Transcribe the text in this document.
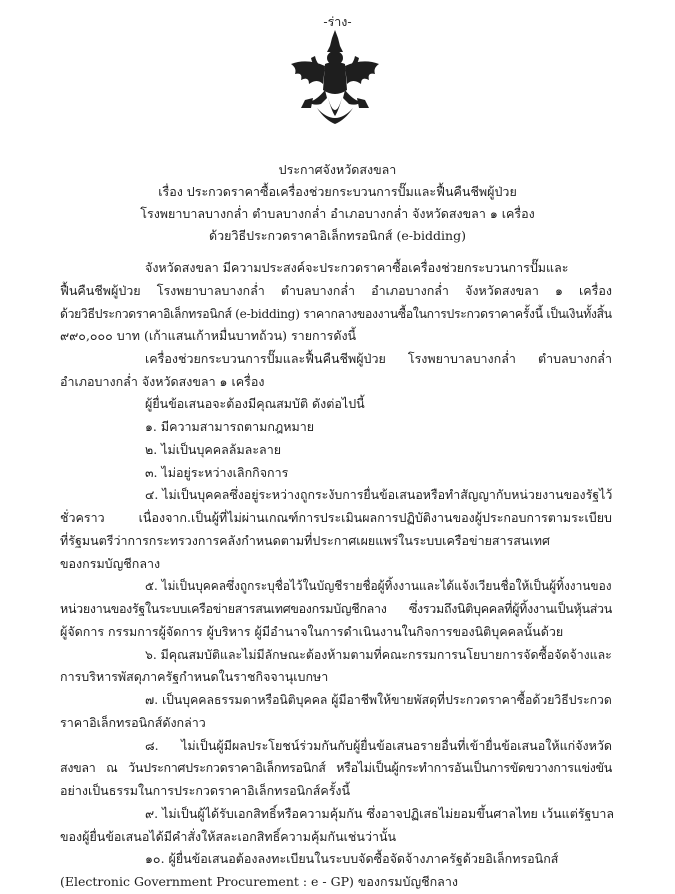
-ร่าง-
ประกาศจังหวัดสงขลา
เรื่อง ประกวดราคาซื้อเครื่องช่วยกระบวนการปั๊มและฟื้นคืนชีพผู้ป่วย
โรงพยาบาลบางกล่ำ ตำบลบางกล่ำ อำเภอบางกล่ำ จังหวัดสงขลา ๑ เครื่อง
ด้วยวิธีประกวดราคาอิเล็กทรอนิกส์ (e-bidding)
จังหวัดสงขลา มีความประสงค์จะประกวดราคาซื้อเครื่องช่วยกระบวนการปั๊มและ
ฟื้นคืนชีพผู้ป่วย โรงพยาบาลบางกล่ำ ตำบลบางกล่ำ อำเภอบางกล่ำ จังหวัดสงขลา ๑ เครื่อง
ด้วยวิธีประกวดราคาอิเล็กทรอนิกส์ (e-bidding) ราคากลางของงานซื้อในการประกวดราคาครั้งนี้ เป็นเงินทั้งสิ้น
๙๙๐,๐๐๐ บาท (เก้าแสนเก้าหมื่นบาทถ้วน) รายการดังนี้
เครื่องช่วยกระบวนการปั๊มและฟื้นคืนชีพผู้ป่วย โรงพยาบาลบางกล่ำ ตำบลบางกล่ำ
อำเภอบางกล่ำ จังหวัดสงขลา ๑ เครื่อง
ผู้ยื่นข้อเสนอจะต้องมีคุณสมบัติ ดังต่อไปนี้
๑. มีความสามารถตามกฎหมาย
๒. ไม่เป็นบุคคลล้มละลาย
๓. ไม่อยู่ระหว่างเลิกกิจการ
๔. ไม่เป็นบุคคลซึ่งอยู่ระหว่างถูกระงับการยื่นข้อเสนอหรือทำสัญญากับหน่วยงานของรัฐไว้
ชั่วคราว เนื่องจาก.เป็นผู้ที่ไม่ผ่านเกณฑ์การประเมินผลการปฏิบัติงานของผู้ประกอบการตามระเบียบ
ที่รัฐมนตรีว่าการกระทรวงการคลังกำหนดตามที่ประกาศเผยแพร่ในระบบเครือข่ายสารสนเทศ
ของกรมบัญชีกลาง
๕. ไม่เป็นบุคคลซึ่งถูกระบุชื่อไว้ในบัญชีรายชื่อผู้ทิ้งงานและได้แจ้งเวียนชื่อให้เป็นผู้ทิ้งงานของ
หน่วยงานของรัฐในระบบเครือข่ายสารสนเทศของกรมบัญชีกลาง ซึ่งรวมถึงนิติบุคคลที่ผู้ทิ้งงานเป็นหุ้นส่วน
ผู้จัดการ กรรมการผู้จัดการ ผู้บริหาร ผู้มีอำนาจในการดำเนินงานในกิจการของนิติบุคคลนั้นด้วย
๖. มีคุณสมบัติและไม่มีลักษณะต้องห้ามตามที่คณะกรรมการนโยบายการจัดซื้อจัดจ้างและ
การบริหารพัสดุภาครัฐกำหนดในราชกิจจานุเบกษา
๗. เป็นบุคคลธรรมดาหรือนิติบุคคล ผู้มีอาชีพให้ขายพัสดุที่ประกวดราคาซื้อด้วยวิธีประกวด
ราคาอิเล็กทรอนิกส์ดังกล่าว
๘. ไม่เป็นผู้มีผลประโยชน์ร่วมกันกับผู้ยื่นข้อเสนอรายอื่นที่เข้ายื่นข้อเสนอให้แก่จังหวัด
สงขลา ณ วันประกาศประกวดราคาอิเล็กทรอนิกส์ หรือไม่เป็นผู้กระทำการอันเป็นการขัดขวางการแข่งขัน
อย่างเป็นธรรมในการประกวดราคาอิเล็กทรอนิกส์ครั้งนี้
๙. ไม่เป็นผู้ได้รับเอกสิทธิ์หรือความคุ้มกัน ซึ่งอาจปฏิเสธไม่ยอมขึ้นศาลไทย เว้นแต่รัฐบาล
ของผู้ยื่นข้อเสนอได้มีคำสั่งให้สละเอกสิทธิ์ความคุ้มกันเช่นว่านั้น
๑๐. ผู้ยื่นข้อเสนอต้องลงทะเบียนในระบบจัดซื้อจัดจ้างภาครัฐด้วยอิเล็กทรอนิกส์
(Electronic Government Procurement : e - GP) ของกรมบัญชีกลาง
